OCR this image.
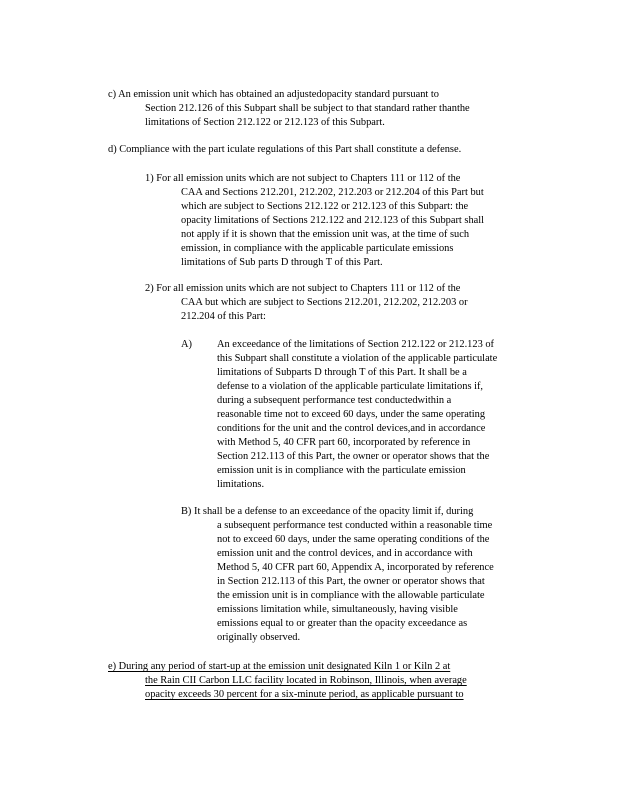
c) An emission unit which has obtained an adjustedopacity standard pursuant to
Section 212.126 of this Subpart shall be subject to that standard rather thanthe
limitations of Section 212.122 or 212.123 of this Subpart.
d) Compliance with the part iculate regulations of this Part shall constitute a defense.
1) For all emission units which are not subject to Chapters 111 or 112 of the
CAA and Sections 212.201, 212.202, 212.203 or 212.204 of this Part but
which are subject to Sections 212.122 or 212.123 of this Subpart: the
opacity limitations of Sections 212.122 and 212.123 of this Subpart shall
not apply if it is shown that the emission unit was, at the time of such
emission, in compliance with the applicable particulate emissions
limitations of Sub parts D through T of this Part.
2) For all emission units which are not subject to Chapters 111 or 112 of the
CAA but which are subject to Sections 212.201, 212.202, 212.203 or
212.204 of this Part:
A) An exceedance of the limitations of Section 212.122 or 212.123 of
this Subpart shall constitute a violation of the applicable particulate
limitations of Subparts D through T of this Part. It shall be a
defense to a violation of the applicable particulate limitations if,
during a subsequent performance test conductedwithin a
reasonable time not to exceed 60 days, under the same operating
conditions for the unit and the control devices,and in accordance
with Method 5, 40 CFR part 60, incorporated by reference in
Section 212.113 of this Part, the owner or operator shows that the
emission unit is in compliance with the particulate emission
limitations.
B) It shall be a defense to an exceedance of the opacity limit if, during
a subsequent performance test conducted within a reasonable time
not to exceed 60 days, under the same operating conditions of the
emission unit and the control devices, and in accordance with
Method 5, 40 CFR part 60, Appendix A, incorporated by reference
in Section 212.113 of this Part, the owner or operator shows that
the emission unit is in compliance with the allowable particulate
emissions limitation while, simultaneously, having visible
emissions equal to or greater than the opacity exceedance as
originally observed.
e) During any period of start-up at the emission unit designated Kiln 1 or Kiln 2 at
the Rain CII Carbon LLC facility located in Robinson, Illinois, when average
opacity exceeds 30 percent for a six-minute period, as applicable pursuant to
